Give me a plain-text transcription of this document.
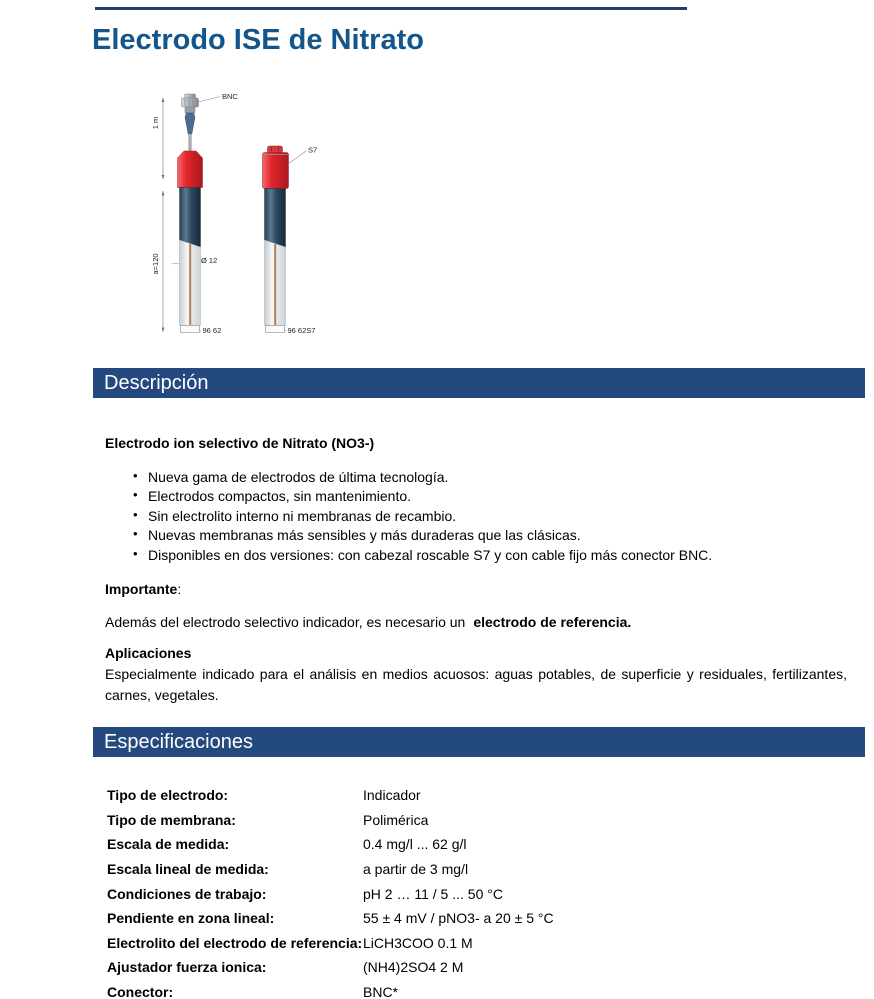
Electrodo ISE de Nitrato
1 m
a=120
BNC
S7
Ø 12
96 62	96 62S7
Descripción
Electrodo ion selectivo de Nitrato (NO3-)
• Nueva gama de electrodos de última tecnología.
• Electrodos compactos, sin mantenimiento.
• Sin electrolito interno ni membranas de recambio.
• Nuevas membranas más sensibles y más duraderas que las clásicas.
• Disponibles en dos versiones: con cabezal roscable S7 y con cable fijo más conector BNC.
Importante:
Además del electrodo selectivo indicador, es necesario un electrodo de referencia.
Aplicaciones
Especialmente indicado para el análisis en medios acuosos: aguas potables, de superficie y residuales, fertilizantes, carnes, vegetales.
Especificaciones
Tipo de electrodo:	Indicador
Tipo de membrana:	Polimérica
Escala de medida:	0.4 mg/l ... 62 g/l
Escala lineal de medida:	a partir de 3 mg/l
Condiciones de trabajo:	pH 2 … 11 / 5 ... 50 °C
Pendiente en zona lineal:	55 ± 4 mV / pNO3- a 20 ± 5 °C
Electrolito del electrodo de referencia: LiCH3COO 0.1 M
Ajustador fuerza ionica:	(NH4)2SO4 2 M
Conector:	BNC*
